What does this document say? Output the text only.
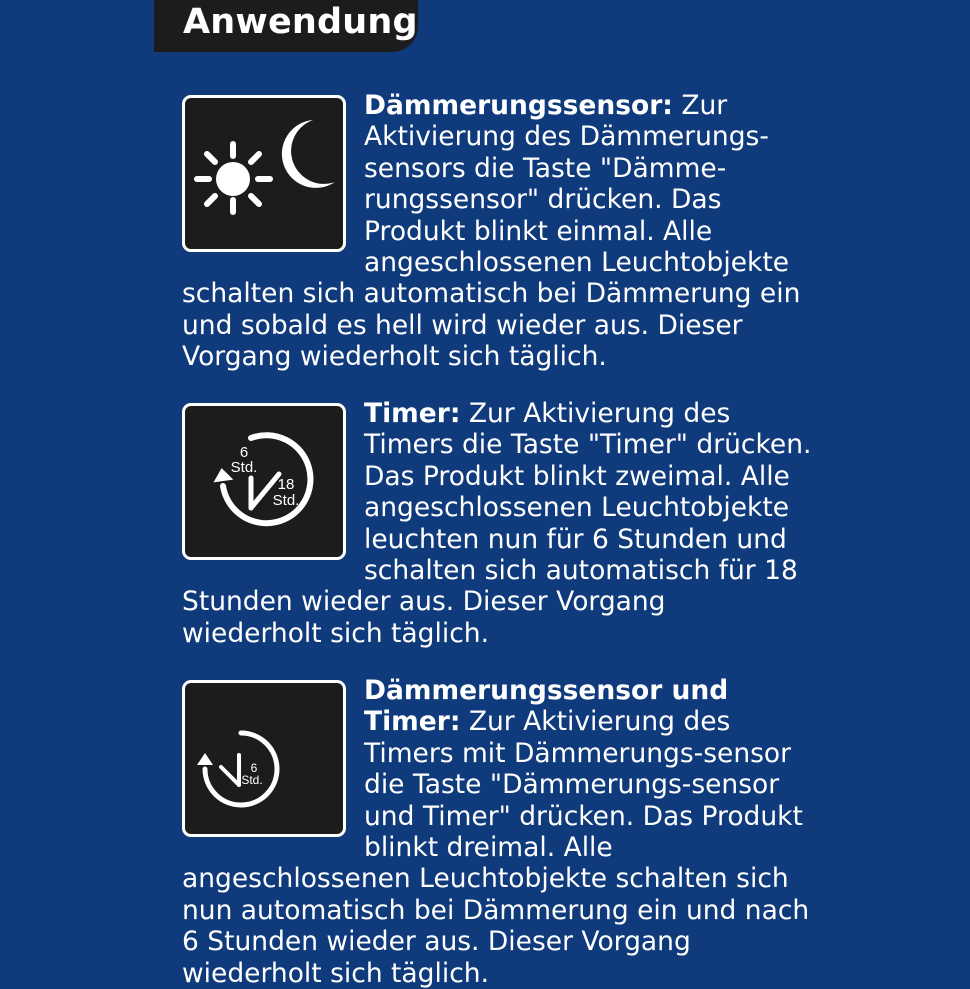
Anwendung

Dämmerungssensor: Zur Aktivierung des Dämmerungs-sensors die Taste "Dämme-rungssensor" drücken. Das Produkt blinkt einmal. Alle angeschlossenen Leuchtobjekte schalten sich automatisch bei Dämmerung ein und sobald es hell wird wieder aus. Dieser Vorgang wiederholt sich täglich.

6
Std.
18
Std.

Timer: Zur Aktivierung des Timers die Taste "Timer" drücken. Das Produkt blinkt zweimal. Alle angeschlossenen Leuchtobjekte leuchten nun für 6 Stunden und schalten sich automatisch für 18 Stunden wieder aus. Dieser Vorgang wiederholt sich täglich.

6
Std.

Dämmerungssensor und Timer: Zur Aktivierung des Timers mit Dämmerungs-sensor die Taste "Dämmerungs-sensor und Timer" drücken. Das Produkt blinkt dreimal. Alle angeschlossenen Leuchtobjekte schalten sich nun automatisch bei Dämmerung ein und nach 6 Stunden wieder aus. Dieser Vorgang wiederholt sich täglich.
